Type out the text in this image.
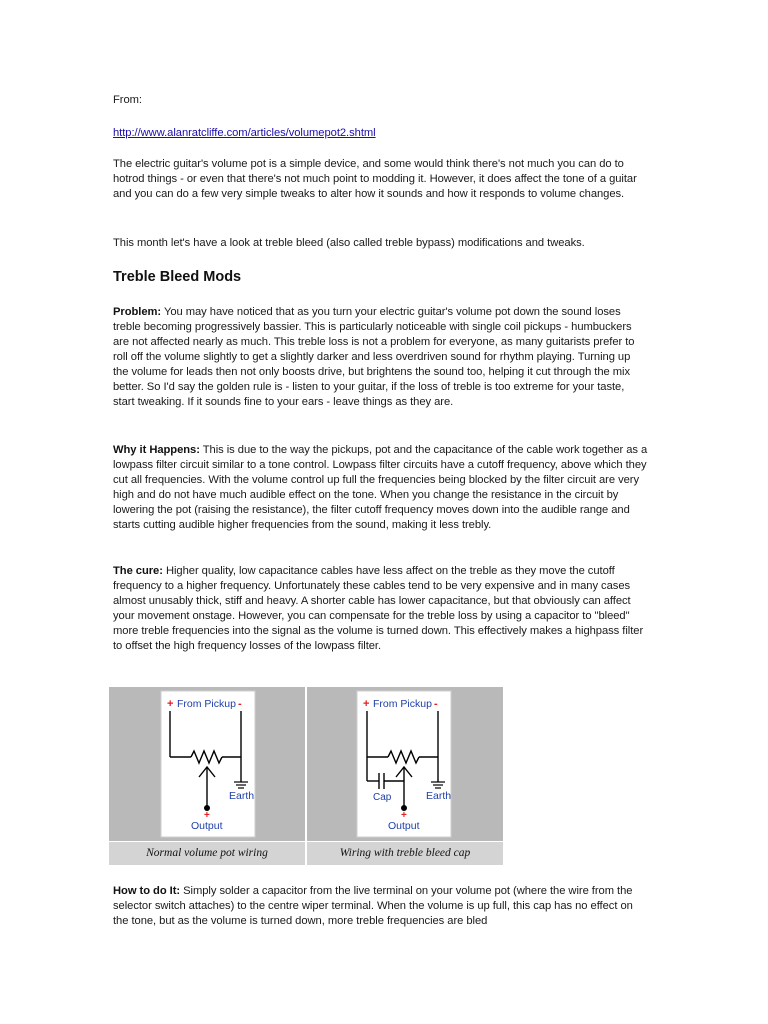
From:

http://www.alanratcliffe.com/articles/volumepot2.shtml

The electric guitar's volume pot is a simple device, and some would think there's not much you can do to hotrod things - or even that there's not much point to modding it. However, it does affect the tone of a guitar and you can do a few very simple tweaks to alter how it sounds and how it responds to volume changes.

This month let's have a look at treble bleed (also called treble bypass) modifications and tweaks.

Treble Bleed Mods

Problem: You may have noticed that as you turn your electric guitar's volume pot down the sound loses treble becoming progressively bassier. This is particularly noticeable with single coil pickups - humbuckers are not affected nearly as much. This treble loss is not a problem for everyone, as many guitarists prefer to roll off the volume slightly to get a slightly darker and less overdriven sound for rhythm playing. Turning up the volume for leads then not only boosts drive, but brightens the sound too, helping it cut through the mix better. So I'd say the golden rule is - listen to your guitar, if the loss of treble is too extreme for your taste, start tweaking. If it sounds fine to your ears - leave things as they are.

Why it Happens: This is due to the way the pickups, pot and the capacitance of the cable work together as a lowpass filter circuit similar to a tone control. Lowpass filter circuits have a cutoff frequency, above which they cut all frequencies. With the volume control up full the frequencies being blocked by the filter circuit are very high and do not have much audible effect on the tone. When you change the resistance in the circuit by lowering the pot (raising the resistance), the filter cutoff frequency moves down into the audible range and starts cutting audible higher frequencies from the sound, making it less trebly.

The cure: Higher quality, low capacitance cables have less affect on the treble as they move the cutoff frequency to a higher frequency. Unfortunately these cables tend to be very expensive and in many cases almost unusably thick, stiff and heavy. A shorter cable has lower capacitance, but that obviously can affect your movement onstage. However, you can compensate for the treble loss by using a capacitor to "bleed" more treble frequencies into the signal as the volume is turned down. This effectively makes a highpass filter to offset the high frequency losses of the lowpass filter.

+ From Pickup -
Earth
+
Output
+ From Pickup -
Earth
Cap
+
Output
Normal volume pot wiring	Wiring with treble bleed cap

How to do It: Simply solder a capacitor from the live terminal on your volume pot (where the wire from the selector switch attaches) to the centre wiper terminal. When the volume is up full, this cap has no effect on the tone, but as the volume is turned down, more treble frequencies are bled
